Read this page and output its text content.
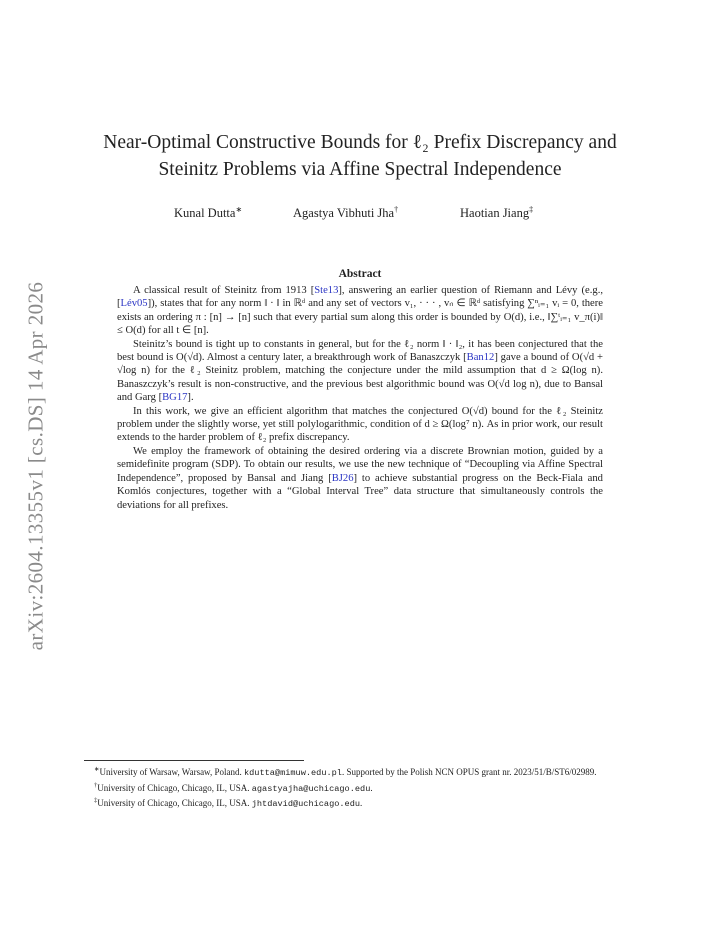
arXiv:2604.13355v1 [cs.DS] 14 Apr 2026
Near-Optimal Constructive Bounds for ℓ₂ Prefix Discrepancy and
Steinitz Problems via Affine Spectral Independence
Kunal Dutta∗	Agastya Vibhuti Jha†	Haotian Jiang‡
Abstract

A classical result of Steinitz from 1913 [Ste13], answering an earlier question of Riemann and Lévy (e.g., [Lév05]), states that for any norm ‖ · ‖ in ℝᵈ and any set of vectors v₁, · · · , vₙ ∈ ℝᵈ satisfying ∑ⁿᵢ₌₁ vᵢ = 0, there exists an ordering π : [n] → [n] such that every partial sum along this order is bounded by O(d), i.e., ‖∑ᵗᵢ₌₁ v_π(i)‖ ≤ O(d) for all t ∈ [n].

Steinitz’s bound is tight up to constants in general, but for the ℓ₂ norm ‖ · ‖₂, it has been conjectured that the best bound is O(√d). Almost a century later, a breakthrough work of Banaszczyk [Ban12] gave a bound of O(√d + √log n) for the ℓ₂ Steinitz problem, matching the conjecture under the mild assumption that d ≥ Ω(log n). Banaszczyk’s result is non-constructive, and the previous best algorithmic bound was O(√d log n), due to Bansal and Garg [BG17].

In this work, we give an efficient algorithm that matches the conjectured O(√d) bound for the ℓ₂ Steinitz problem under the slightly worse, yet still polylogarithmic, condition of d ≥ Ω(log⁷ n). As in prior work, our result extends to the harder problem of ℓ₂ prefix discrepancy.

We employ the framework of obtaining the desired ordering via a discrete Brownian motion, guided by a semidefinite program (SDP). To obtain our results, we use the new technique of “Decoupling via Affine Spectral Independence”, proposed by Bansal and Jiang [BJ26] to achieve substantial progress on the Beck-Fiala and Komlós conjectures, together with a “Global Interval Tree” data structure that simultaneously controls the deviations for all prefixes.

∗University of Warsaw, Warsaw, Poland. kdutta@mimuw.edu.pl. Supported by the Polish NCN OPUS grant nr. 2023/51/B/ST6/02989.

†University of Chicago, Chicago, IL, USA. agastyajha@uchicago.edu.

‡University of Chicago, Chicago, IL, USA. jhtdavid@uchicago.edu.
